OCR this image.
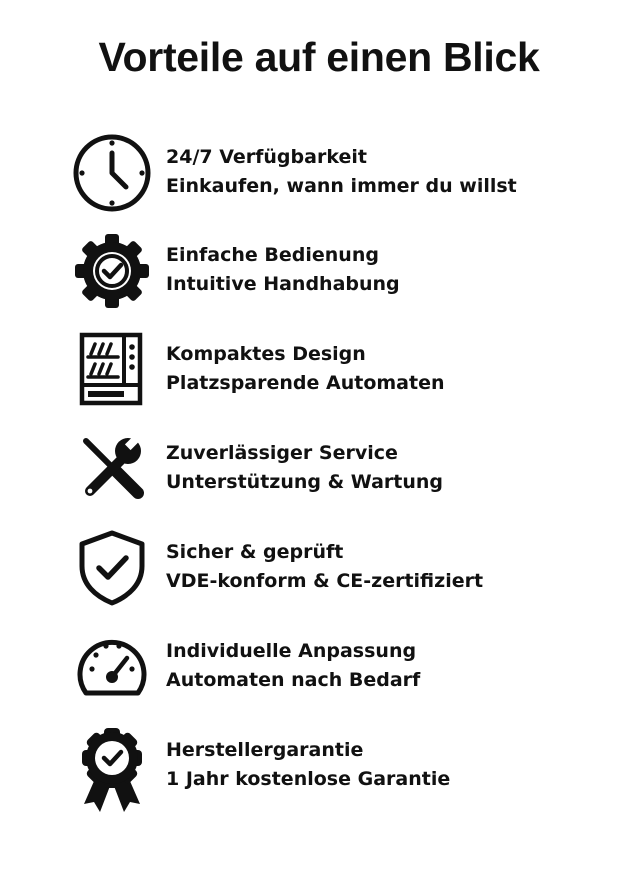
Vorteile auf einen Blick
24/7 Verfügbarkeit
Einkaufen, wann immer du willst
Einfache Bedienung
Intuitive Handhabung
Kompaktes Design
Platzsparende Automaten
Zuverlässiger Service
Unterstützung & Wartung
Sicher & geprüft
VDE-konform & CE-zertifiziert
Individuelle Anpassung
Automaten nach Bedarf
Herstellergarantie
1 Jahr kostenlose Garantie
